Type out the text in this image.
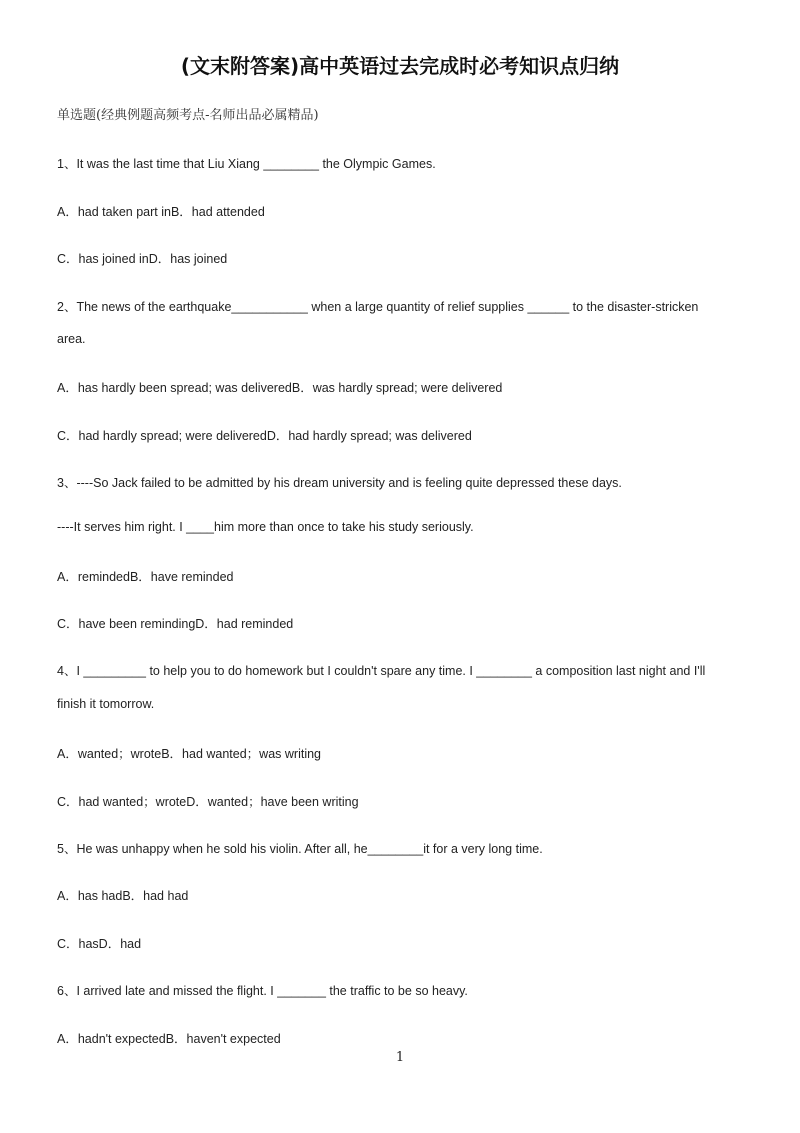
(文末附答案)高中英语过去完成时必考知识点归纳
单选题(经典例题高频考点-名师出品必属精品)
1、It was the last time that Liu Xiang ________ the Olympic Games.
A．had taken part inB．had attended
C．has joined inD．has joined
2、The news of the earthquake___________ when a large quantity of relief supplies ______ to the disaster-stricken
area.
A．has hardly been spread; was deliveredB．was hardly spread; were delivered
C．had hardly spread; were deliveredD．had hardly spread; was delivered
3、----So Jack failed to be admitted by his dream university and is feeling quite depressed these days.
----It serves him right. I ____him more than once to take his study seriously.
A．remindedB．have reminded
C．have been remindingD．had reminded
4、I _________ to help you to do homework but I couldn't spare any time. I ________ a composition last night and I'll
finish it tomorrow.
A．wanted；wroteB．had wanted；was writing
C．had wanted；wroteD．wanted；have been writing
5、He was unhappy when he sold his violin. After all, he________it for a very long time.
A．has hadB．had had
C．hasD．had
6、I arrived late and missed the flight. I _______ the traffic to be so heavy.
A．hadn't expectedB．haven't expected
1
